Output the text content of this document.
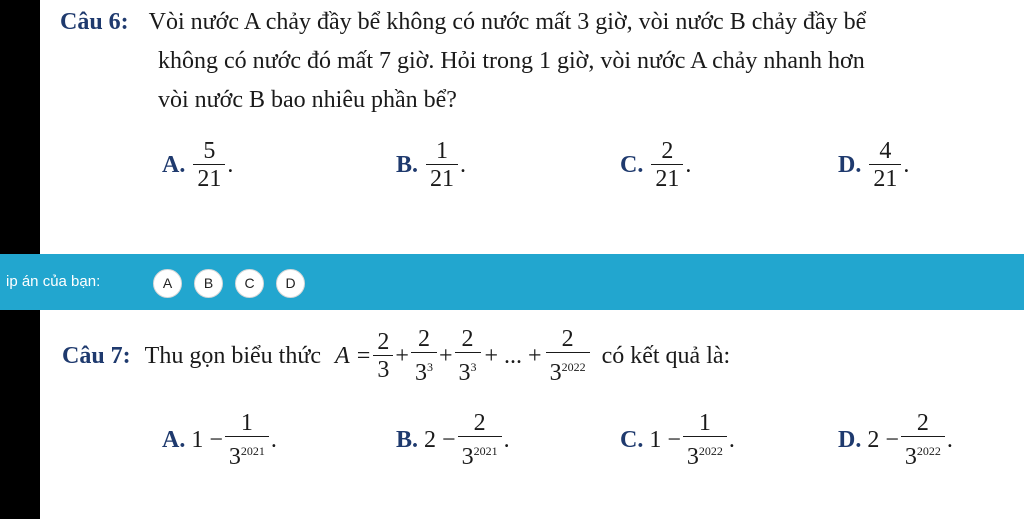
Câu 6: Vòi nước A chảy đầy bể không có nước mất 3 giờ, vòi nước B chảy đầy bể
không có nước đó mất 7 giờ. Hỏi trong 1 giờ, vòi nước A chảy nhanh hơn
vòi nước B bao nhiêu phần bể?
A. $\frac{5}{21}$ .	B. $\frac{1}{21}$ .	C. $\frac{2}{21}$ .	D. $\frac{4}{21}$ .
ip án của bạn:	A	B	C	D
Câu 7: Thu gọn biểu thức $A = \frac{2}{3} + \frac{2}{3^3} + \frac{2}{3^3}$ + ... + $\frac{2}{3^{2022}}$ có kết quả là:
A. $1 - \frac{1}{3^{2021}}$ .	B. $2 - \frac{2}{3^{2021}}$ .	C. $1 - \frac{1}{3^{2022}}$ .	D. $2 - \frac{2}{3^{2022}}$ .
